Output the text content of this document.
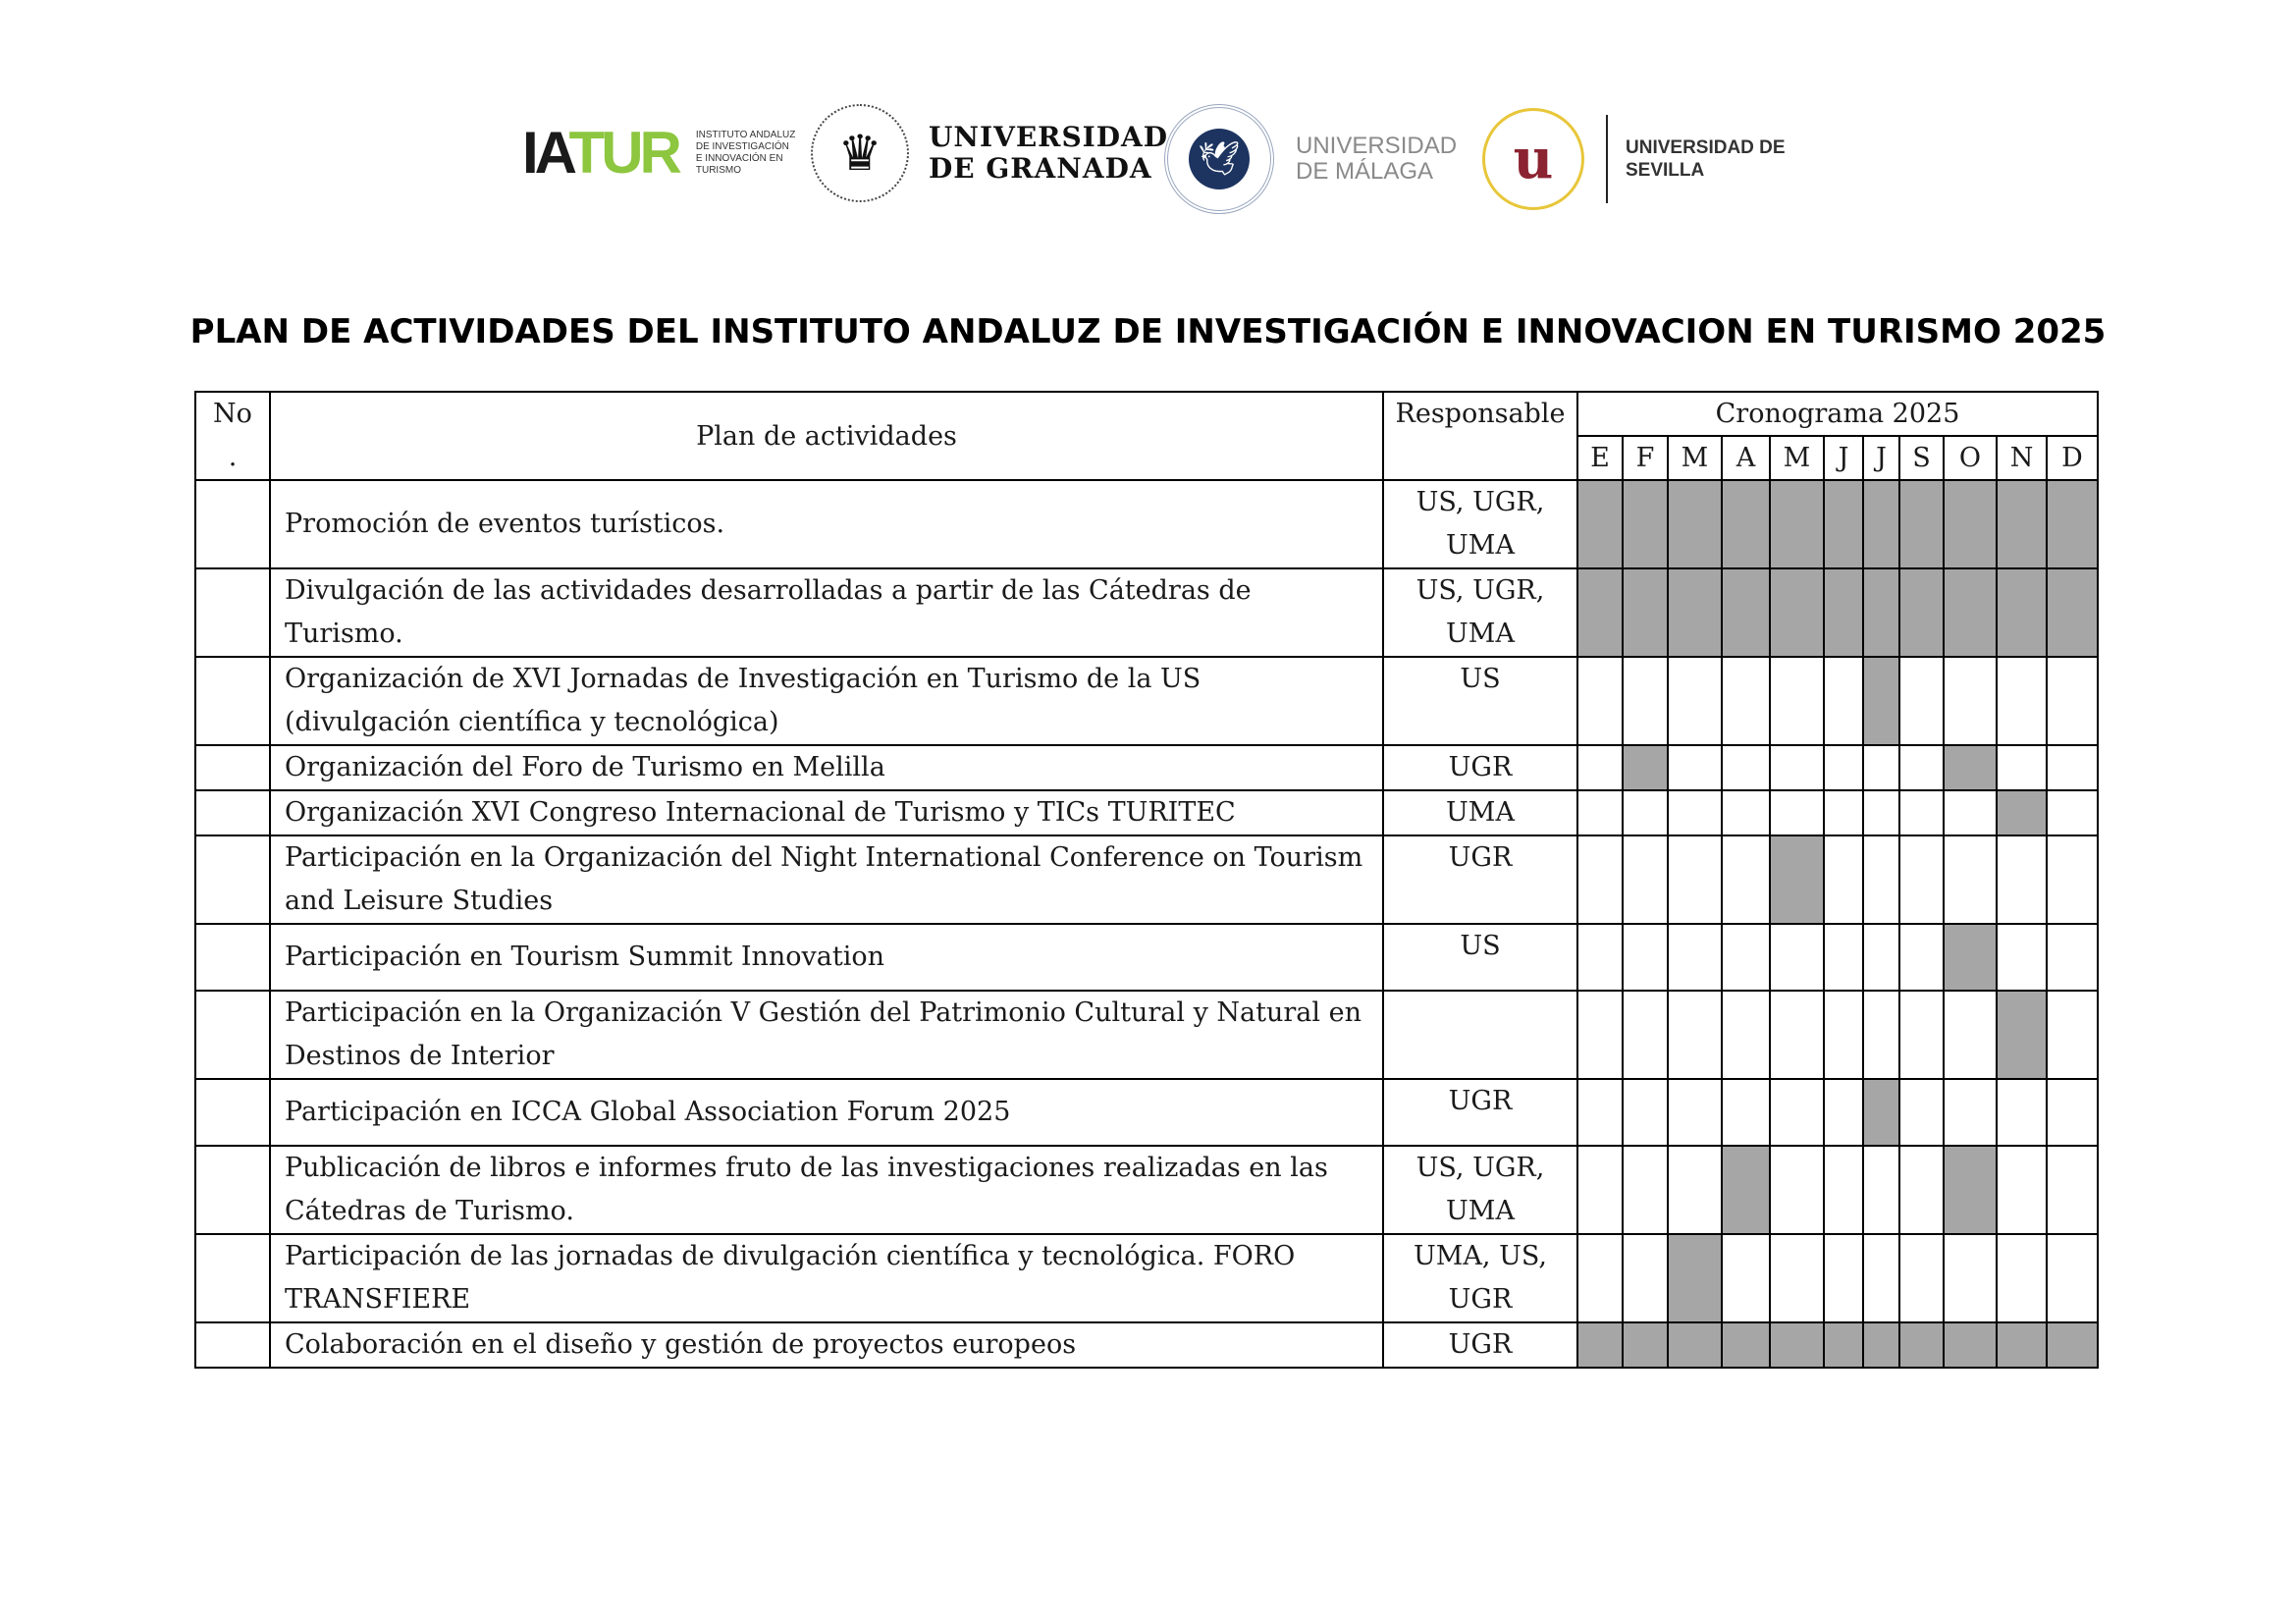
IATUR INSTITUTO ANDALUZ
DE INVESTIGACIÓN
E INNOVACIÓN EN TURISMO	♛ UNIVERSIDAD
DE GRANADA	🕊	UNIVERSIDAD
DE MÁLAGA	u	UNIVERSIDAD DE
SEVILLA
PLAN DE ACTIVIDADES DEL INSTITUTO ANDALUZ DE INVESTIGACIÓN E INNOVACION EN TURISMO 2025
No
.	Plan de actividades	Responsable	Cronograma 2025										
			E	F	M	A	M	J	J	S	O	N	D
	Promoción de eventos turísticos.	US, UGR, UMA											
	Divulgación de las actividades desarrolladas a partir de las Cátedras de Turismo.	US, UGR, UMA											
	Organización de XVI Jornadas de Investigación en Turismo de la US (divulgación científica y tecnológica)	US											
	Organización del Foro de Turismo en Melilla	UGR											
	Organización XVI Congreso Internacional de Turismo y TICs TURITEC	UMA											
	Participación en la Organización del Night International Conference on Tourism and Leisure Studies	UGR											
	Participación en Tourism Summit Innovation	US											
	Participación en la Organización V Gestión del Patrimonio Cultural y Natural en Destinos de Interior												
	Participación en ICCA Global Association Forum 2025	UGR											
	Publicación de libros e informes fruto de las investigaciones realizadas en las Cátedras de Turismo.	US, UGR, UMA											
	Participación de las jornadas de divulgación científica y tecnológica. FORO TRANSFIERE	UMA, US, UGR											
	Colaboración en el diseño y gestión de proyectos europeos	UGR											
